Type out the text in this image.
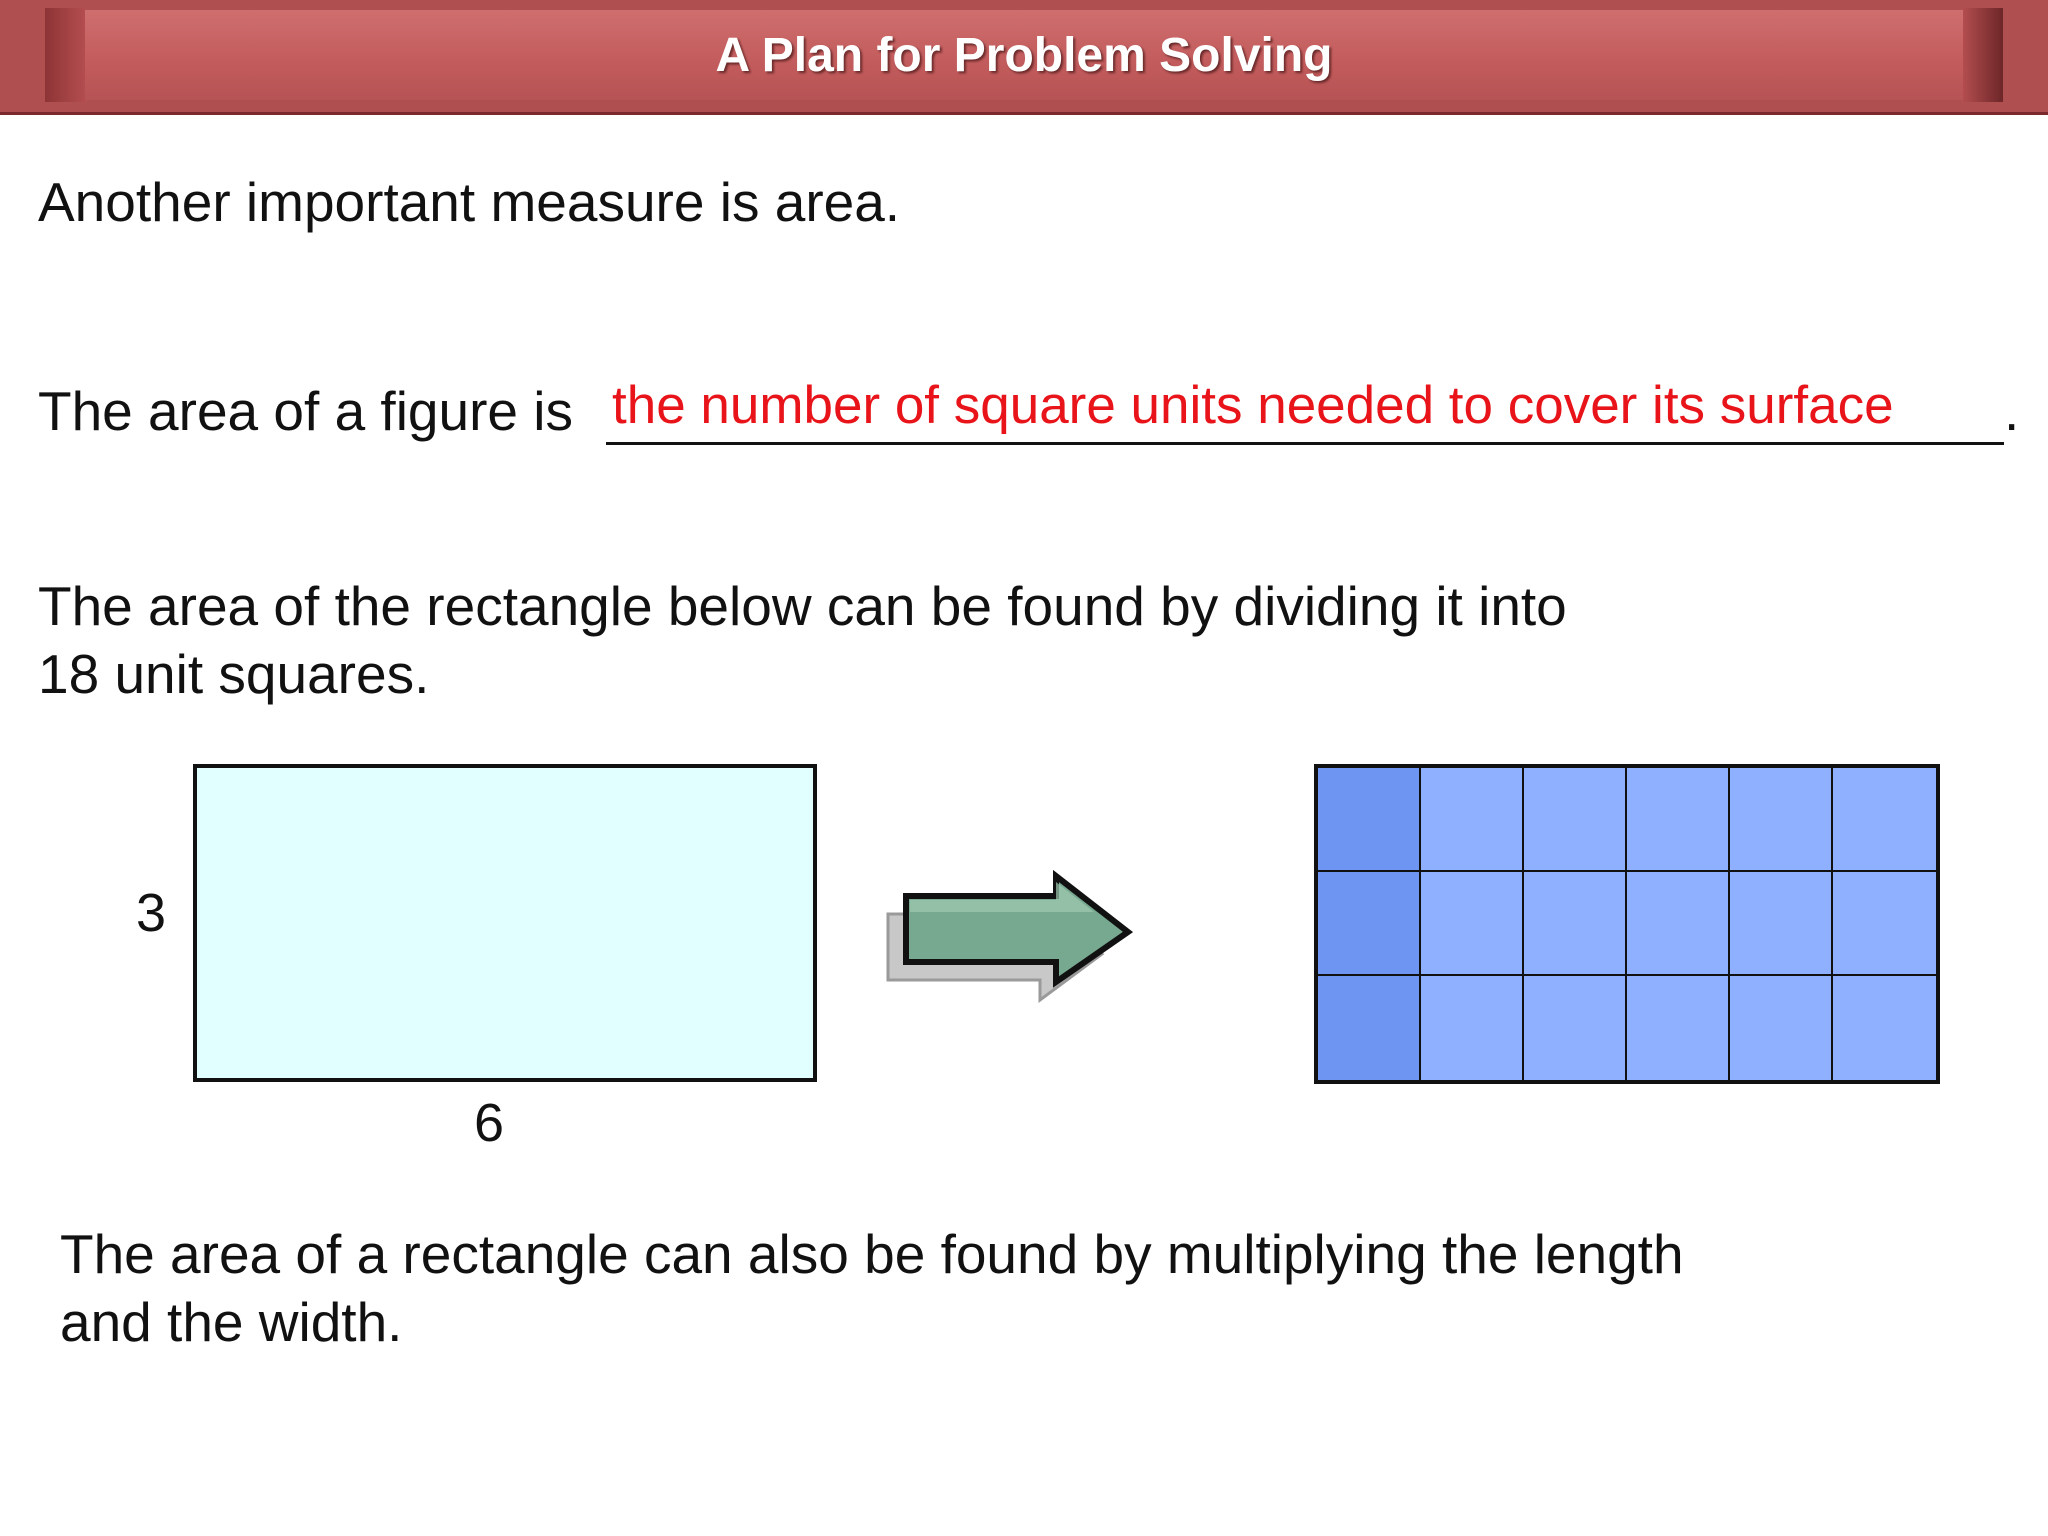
A Plan for Problem Solving
Another important measure is area.
The area of a figure is the number of square units needed to cover its surface .
The area of the rectangle below can be found by dividing it into
18 unit squares.
3
6
The area of a rectangle can also be found by multiplying the length
and the width.
